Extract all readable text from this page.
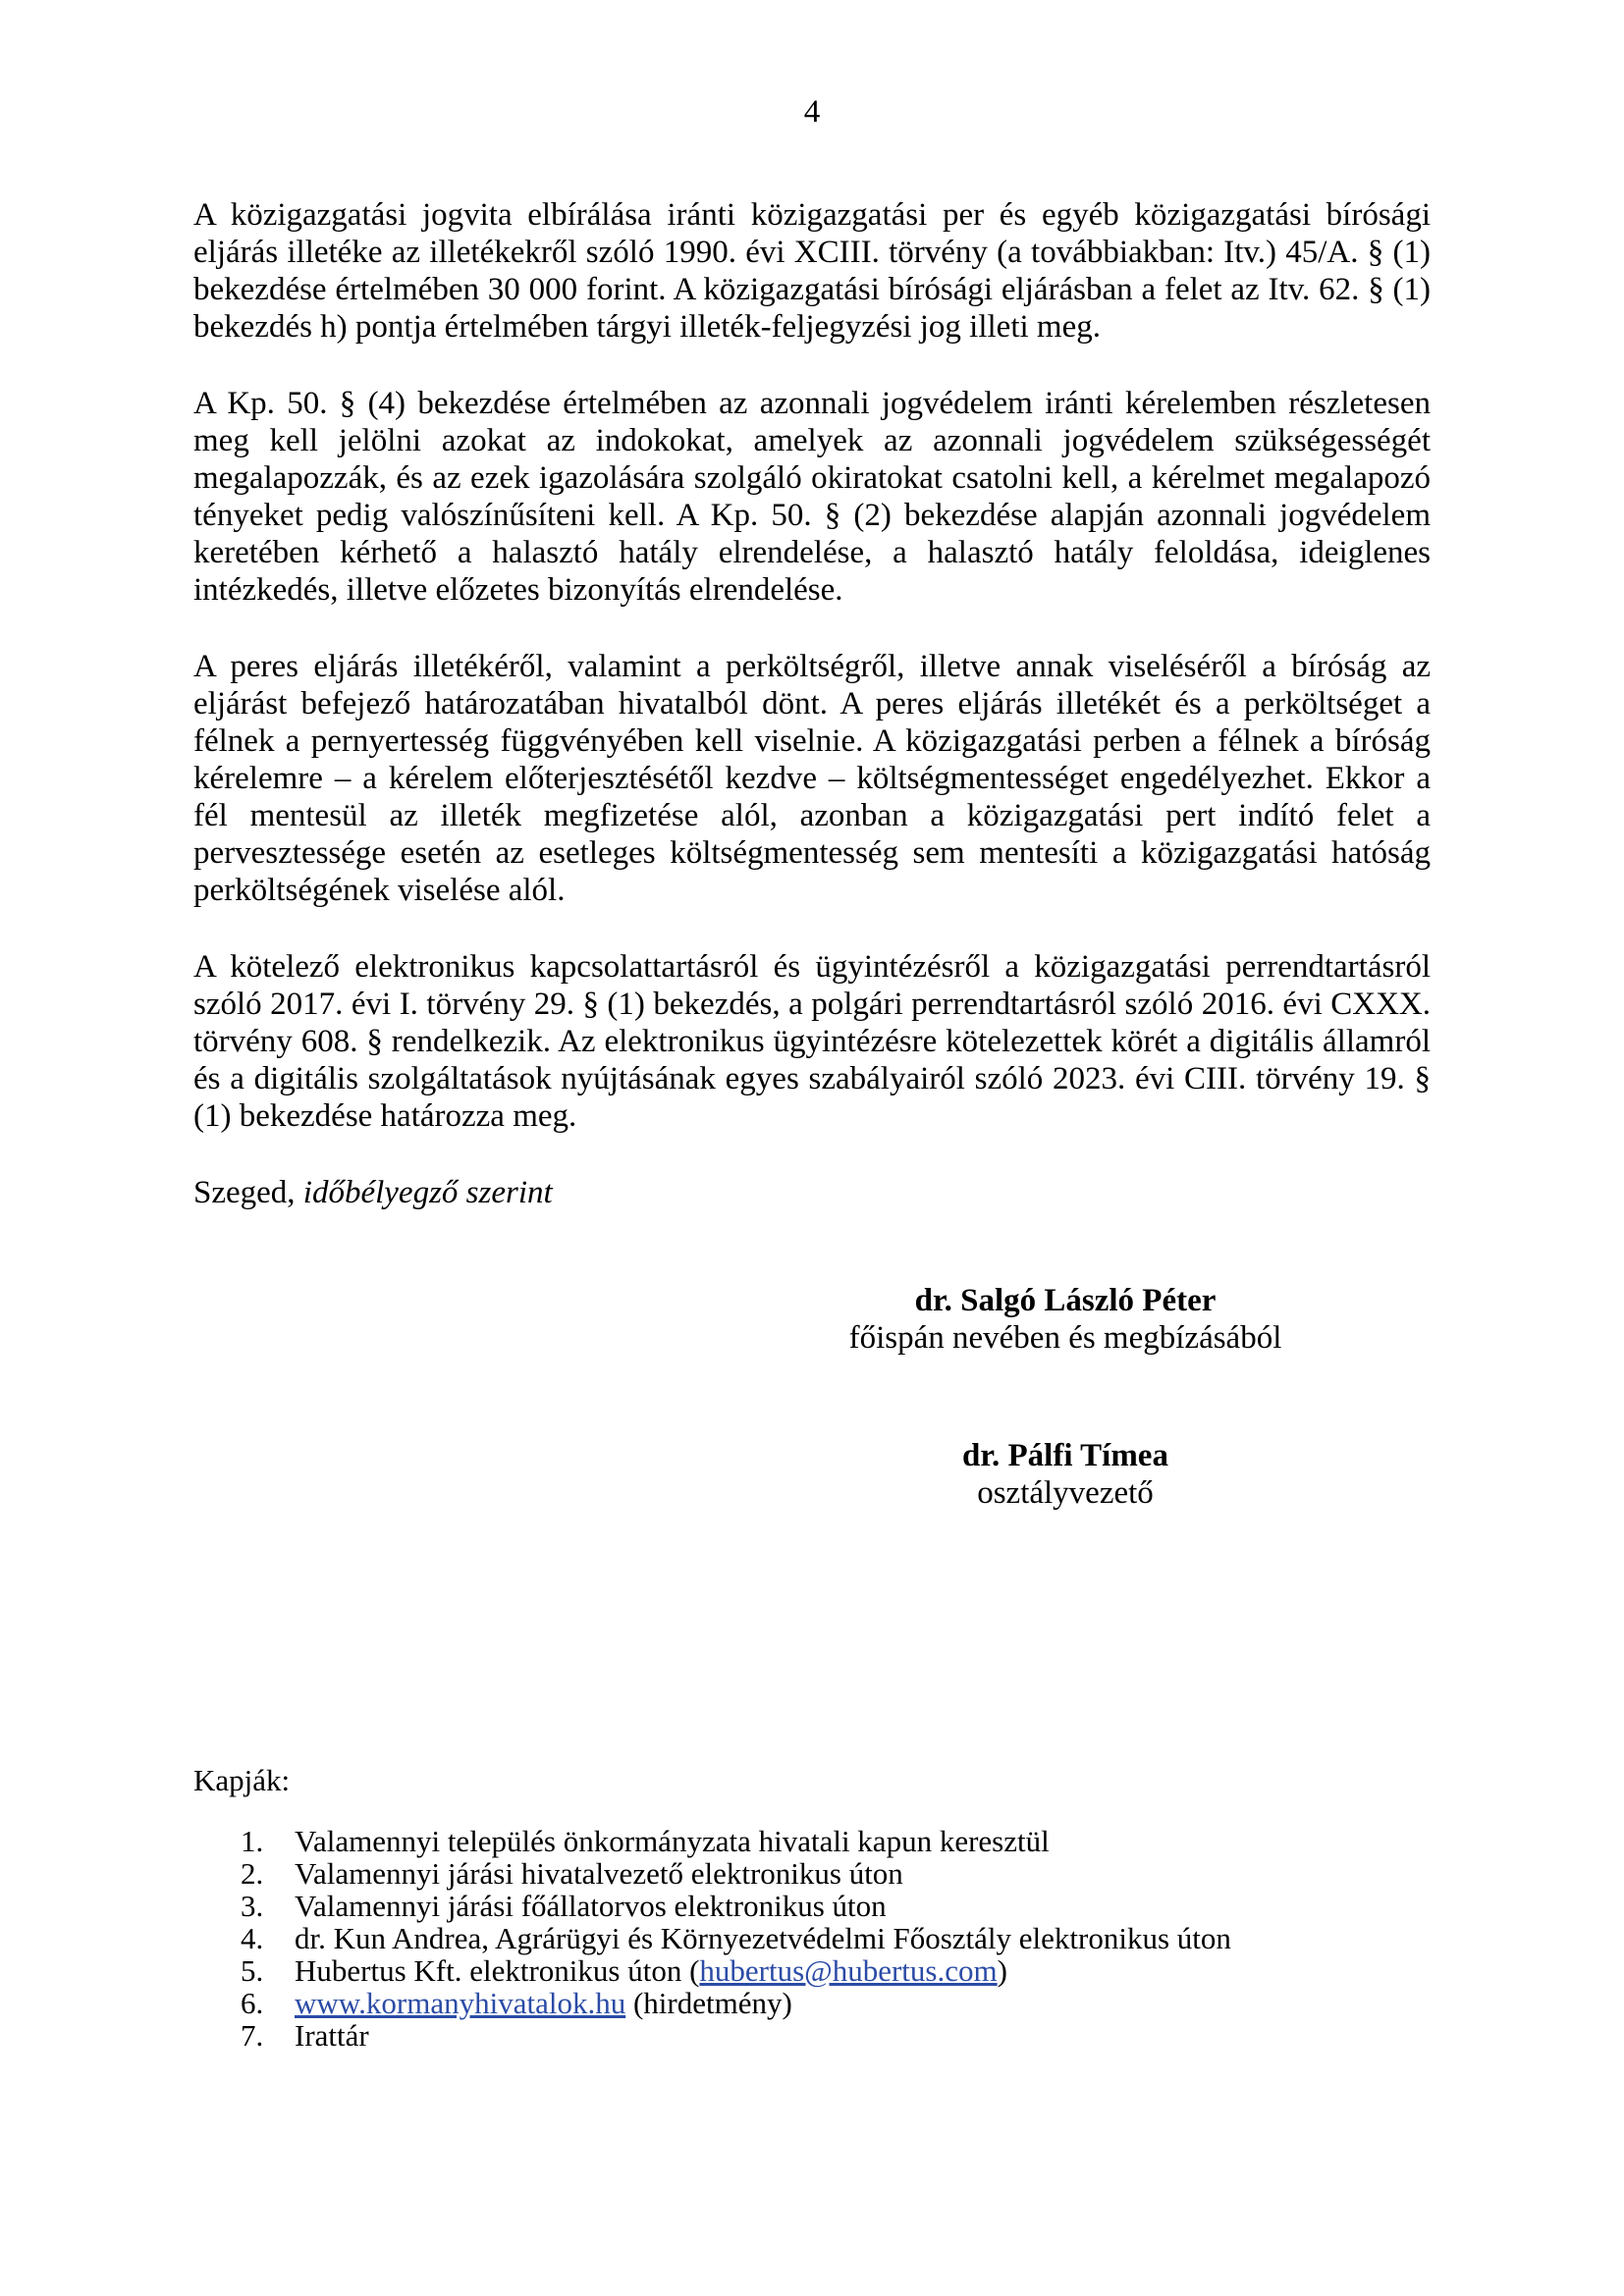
4

A közigazgatási jogvita elbírálása iránti közigazgatási per és egyéb közigazgatási bírósági eljárás illetéke az illetékekről szóló 1990. évi XCIII. törvény (a továbbiakban: Itv.) 45/A. § (1) bekezdése értelmében 30 000 forint. A közigazgatási bírósági eljárásban a felet az Itv. 62. § (1) bekezdés h) pontja értelmében tárgyi illeték-feljegyzési jog illeti meg.

A Kp. 50. § (4) bekezdése értelmében az azonnali jogvédelem iránti kérelemben részletesen meg kell jelölni azokat az indokokat, amelyek az azonnali jogvédelem szükségességét megalapozzák, és az ezek igazolására szolgáló okiratokat csatolni kell, a kérelmet megalapozó tényeket pedig valószínűsíteni kell. A Kp. 50. § (2) bekezdése alapján azonnali jogvédelem keretében kérhető a halasztó hatály elrendelése, a halasztó hatály feloldása, ideiglenes intézkedés, illetve előzetes bizonyítás elrendelése.

A peres eljárás illetékéről, valamint a perköltségről, illetve annak viseléséről a bíróság az eljárást befejező határozatában hivatalból dönt. A peres eljárás illetékét és a perköltséget a félnek a pernyertesség függvényében kell viselnie. A közigazgatási perben a félnek a bíróság kérelemre – a kérelem előterjesztésétől kezdve – költségmentességet engedélyezhet. Ekkor a fél mentesül az illeték megfizetése alól, azonban a közigazgatási pert indító felet a pervesztessége esetén az esetleges költségmentesség sem mentesíti a közigazgatási hatóság perköltségének viselése alól.

A kötelező elektronikus kapcsolattartásról és ügyintézésről a közigazgatási perrendtartásról szóló 2017. évi I. törvény 29. § (1) bekezdés, a polgári perrendtartásról szóló 2016. évi CXXX. törvény 608. § rendelkezik. Az elektronikus ügyintézésre kötelezettek körét a digitális államról és a digitális szolgáltatások nyújtásának egyes szabályairól szóló 2023. évi CIII. törvény 19. § (1) bekezdése határozza meg.

Szeged, időbélyegző szerint
dr. Salgó László Péter
főispán nevében és megbízásából
dr. Pálfi Tímea
osztályvezető
Kapják:
1.	Valamennyi település önkormányzata hivatali kapun keresztül
2.	Valamennyi járási hivatalvezető elektronikus úton
3.	Valamennyi járási főállatorvos elektronikus úton
4.	dr. Kun Andrea, Agrárügyi és Környezetvédelmi Főosztály elektronikus úton
5.	Hubertus Kft. elektronikus úton (hubertus@hubertus.com)
6.	www.kormanyhivatalok.hu (hirdetmény)
7.	Irattár
